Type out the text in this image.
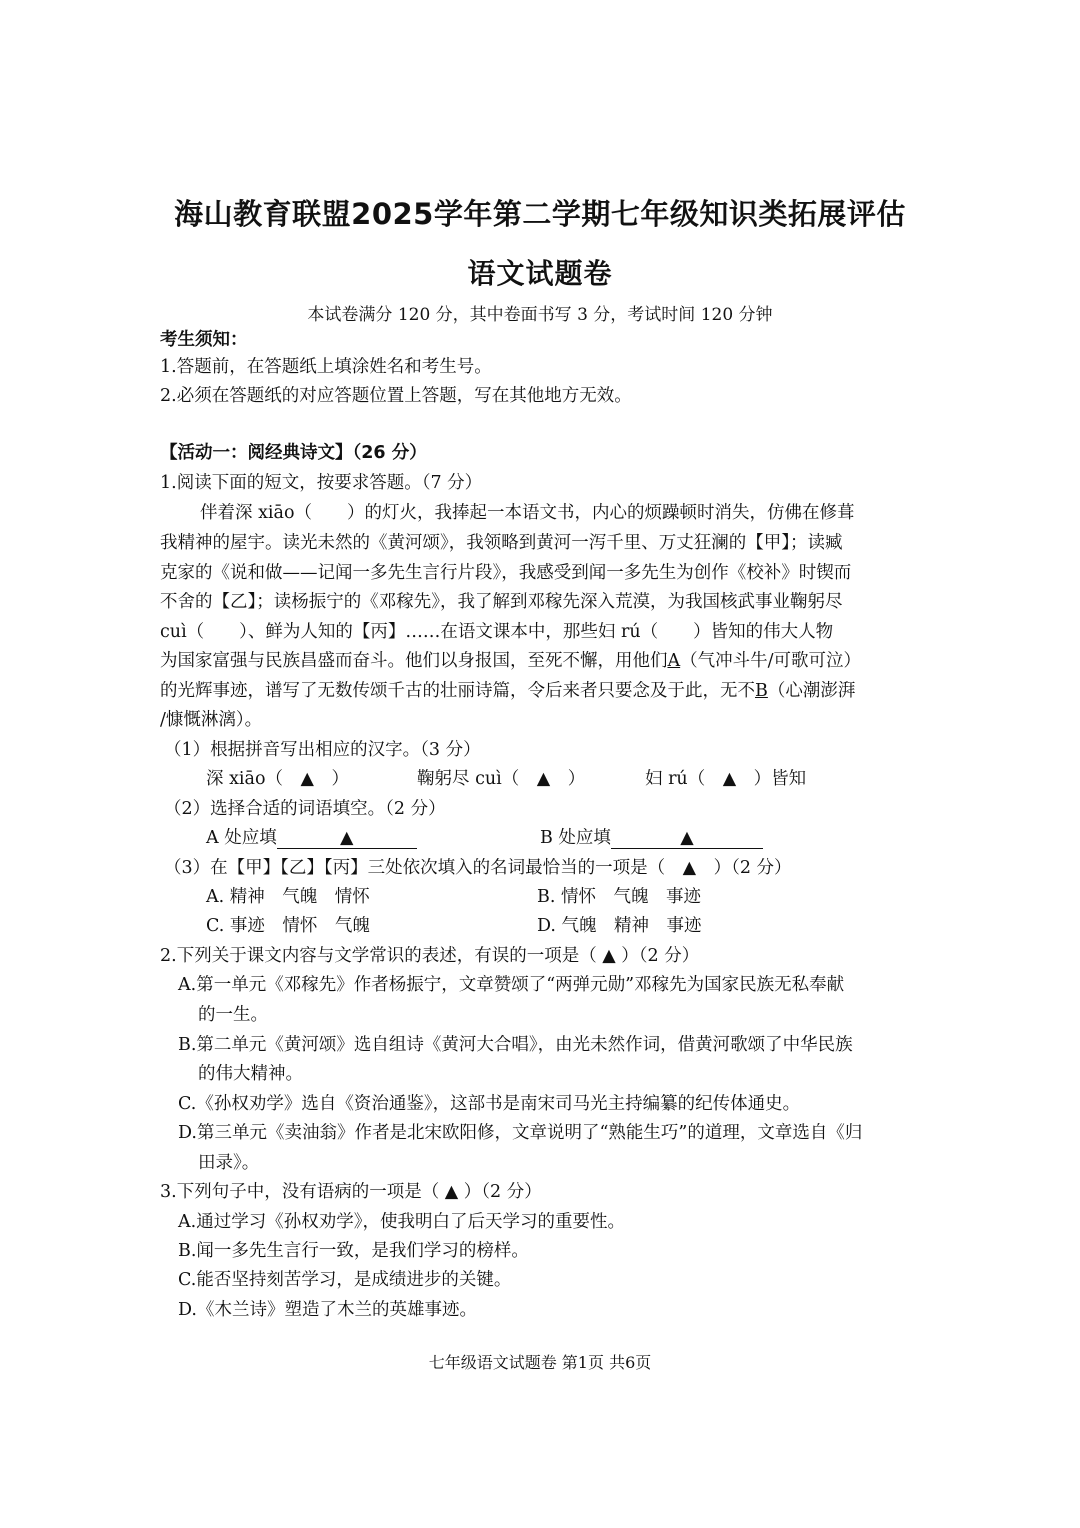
海山教育联盟2025学年第二学期七年级知识类拓展评估
语文试题卷
本试卷满分 120 分，其中卷面书写 3 分，考试时间 120 分钟
考生须知：
1.答题前，在答题纸上填涂姓名和考生号。
2.必须在答题纸的对应答题位置上答题，写在其他地方无效。
【活动一：阅经典诗文】（26 分）
1.阅读下面的短文，按要求答题。（7 分）
伴着深 xiāo（　　）的灯火，我捧起一本语文书，内心的烦躁顿时消失，仿佛在修葺
我精神的屋宇。读光未然的《黄河颂》，我领略到黄河一泻千里、万丈狂澜的【甲】；读臧
克家的《说和做——记闻一多先生言行片段》，我感受到闻一多先生为创作《校补》时锲而
不舍的【乙】；读杨振宁的《邓稼先》，我了解到邓稼先深入荒漠，为我国核武事业鞠躬尽
cuì（　　）、鲜为人知的【丙】……在语文课本中，那些妇 rú（　　）皆知的伟大人物
为国家富强与民族昌盛而奋斗。他们以身报国，至死不懈，用他们A（气冲斗牛/可歌可泣）
的光辉事迹，谱写了无数传颂千古的壮丽诗篇，令后来者只要念及于此，无不B（心潮澎湃
/慷慨淋漓）。
（1）根据拼音写出相应的汉字。（3 分）
深 xiāo（　▲　）	鞠躬尽 cuì（　▲　）	妇 rú（　▲　）皆知
（2）选择合适的词语填空。（2 分）
A 处应填	▲	B 处应填	▲
（3）在【甲】【乙】【丙】三处依次填入的名词最恰当的一项是（　▲　）（2 分）
A. 精神　气魄　情怀	B. 情怀　气魄　事迹
C. 事迹　情怀　气魄	D. 气魄　精神　事迹
2.下列关于课文内容与文学常识的表述，有误的一项是（ ▲ ）（2 分）
A.第一单元《邓稼先》作者杨振宁，文章赞颂了“两弹元勋”邓稼先为国家民族无私奉献
的一生。
B.第二单元《黄河颂》选自组诗《黄河大合唱》，由光未然作词，借黄河歌颂了中华民族
的伟大精神。
C.《孙权劝学》选自《资治通鉴》，这部书是南宋司马光主持编纂的纪传体通史。
D.第三单元《卖油翁》作者是北宋欧阳修，文章说明了“熟能生巧”的道理，文章选自《归
田录》。
3.下列句子中，没有语病的一项是（ ▲ ）（2 分）
A.通过学习《孙权劝学》，使我明白了后天学习的重要性。
B.闻一多先生言行一致，是我们学习的榜样。
C.能否坚持刻苦学习，是成绩进步的关键。
D.《木兰诗》塑造了木兰的英雄事迹。
七年级语文试题卷 第1页 共6页
